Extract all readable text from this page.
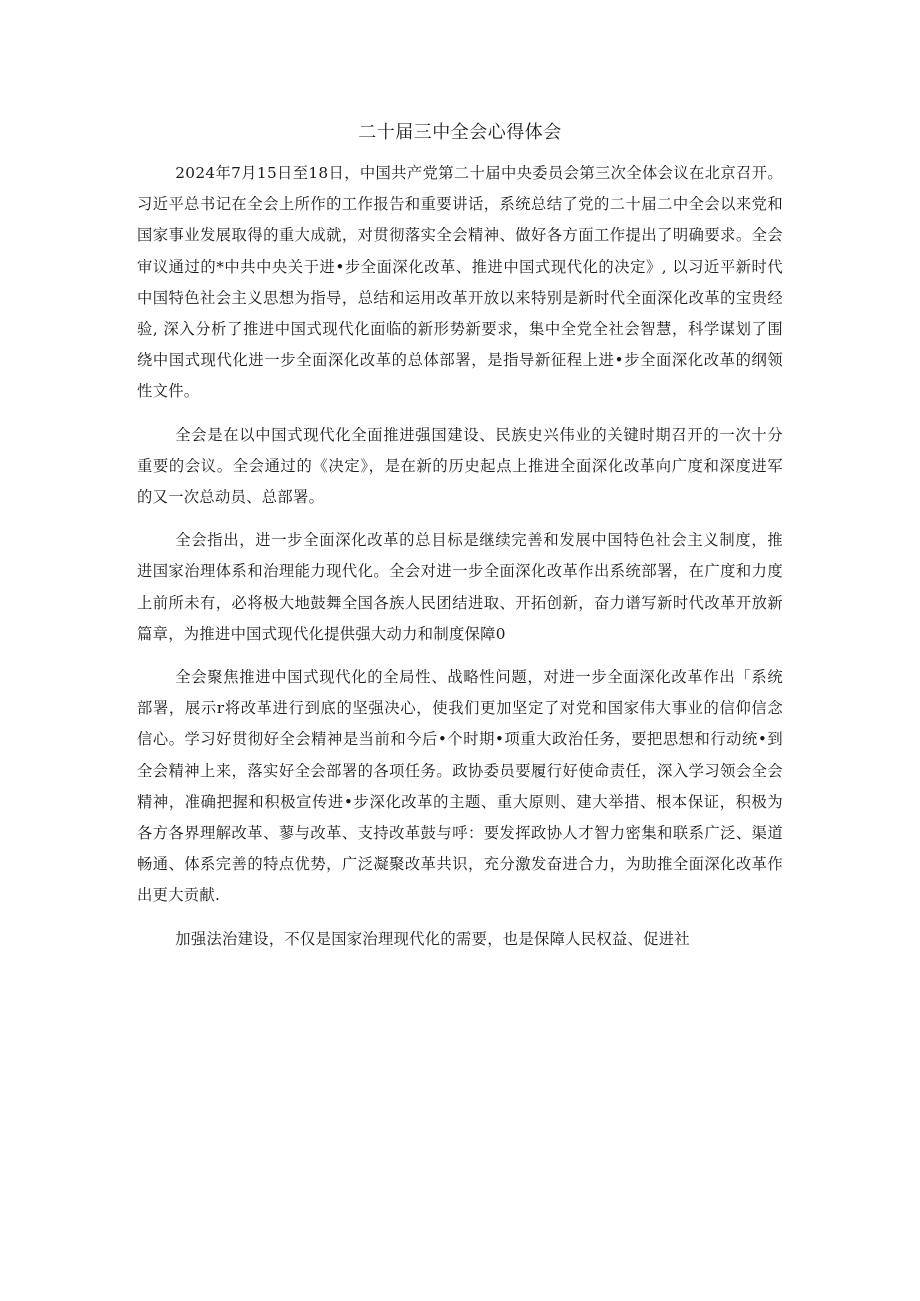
二十届三中全会心得体会

2024年7月15日至18日，中国共产党第二十届中央委员会第三次全体会议在北京召开。习近平总书记在全会上所作的工作报告和重要讲话，系统总结了党的二十届二中全会以来党和国家事业发展取得的重大成就，对贯彻落实全会精神、做好各方面工作提出了明确要求。全会审议通过的*中共中央关于进•步全面深化改革、推进中国式现代化的决定》, 以习近平新时代中国特色社会主义思想为指导，总结和运用改革开放以来特别是新时代全面深化改革的宝贵经验, 深入分析了推进中国式现代化面临的新形势新要求，集中全党全社会智慧，科学谋划了围绕中国式现代化进一步全面深化改革的总体部署，是指导新征程上进•步全面深化改革的纲领性文件。

全会是在以中国式现代化全面推进强国建设、民族史兴伟业的关键时期召开的一次十分重要的会议。全会通过的《决定》，是在新的历史起点上推进全面深化改革向广度和深度进军的又一次总动员、总部署。

全会指出，进一步全面深化改革的总目标是继续完善和发展中国特色社会主义制度，推进国家治理体系和治理能力现代化。全会对进一步全面深化改革作出系统部署，在广度和力度上前所未有，必将极大地鼓舞全国各族人民团结进取、开拓创新，奋力谱写新时代改革开放新篇章，为推进中国式现代化提供强大动力和制度保障0

全会聚焦推进中国式现代化的全局性、战略性问题，对进一步全面深化改革作出「系统部署，展示r将改革进行到底的坚强决心，使我们更加坚定了对党和国家伟大事业的信仰信念信心。学习好贯彻好全会精神是当前和今后•个时期•项重大政治任务，要把思想和行动统•到全会精神上来，落实好全会部署的各项任务。政协委员要履行好使命责任，深入学习领会全会精神，准确把握和积极宣传进•步深化改革的主题、重大原则、建大举措、根本保证，积极为各方各界理解改革、蓼与改革、支持改革鼓与呼：要发挥政协人才智力密集和联系广泛、渠道畅通、体系完善的特点优势，广泛凝聚改革共识，充分激发奋进合力，为助推全面深化改革作出更大贡献.

加强法治建设，不仅是国家治理现代化的需要，也是保障人民权益、促进社
